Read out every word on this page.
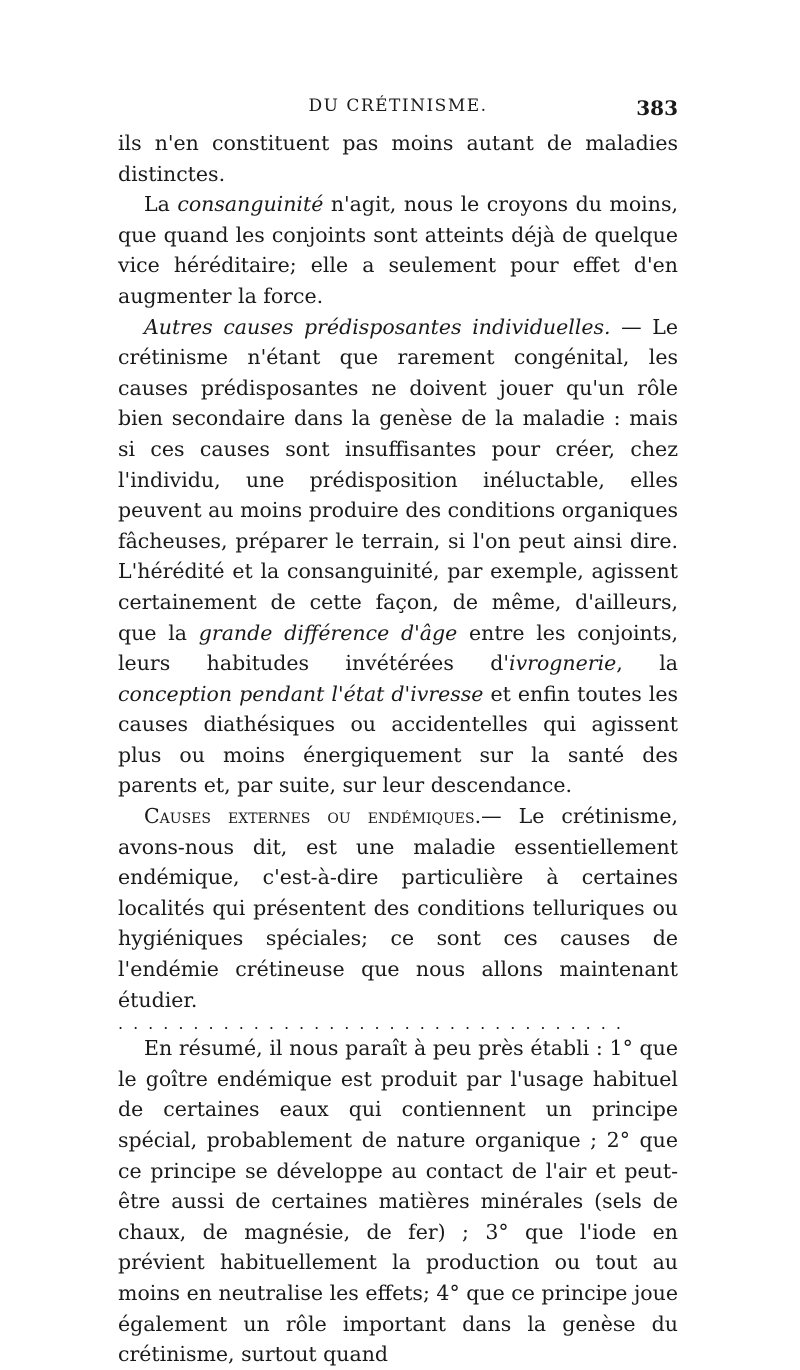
DU CRÉTINISME.	383

ils n'en constituent pas moins autant de maladies distinctes.

La consanguinité n'agit, nous le croyons du moins, que quand les conjoints sont atteints déjà de quelque vice héréditaire; elle a seulement pour effet d'en augmenter la force.

Autres causes prédisposantes individuelles. — Le crétinisme n'étant que rarement congénital, les causes prédisposantes ne doivent jouer qu'un rôle bien secondaire dans la genèse de la maladie : mais si ces causes sont insuffisantes pour créer, chez l'individu, une prédisposition inéluctable, elles peuvent au moins produire des conditions organiques fâcheuses, préparer le terrain, si l'on peut ainsi dire. L'hérédité et la consanguinité, par exemple, agissent certainement de cette façon, de même, d'ailleurs, que la grande différence d'âge entre les conjoints, leurs habitudes invétérées d'ivrognerie, la conception pendant l'état d'ivresse et enfin toutes les causes diathésiques ou accidentelles qui agissent plus ou moins énergiquement sur la santé des parents et, par suite, sur leur descendance.

Causes externes ou endémiques.— Le crétinisme, avons-nous dit, est une maladie essentiellement endémique, c'est-à-dire particulière à certaines localités qui présentent des conditions telluriques ou hygiéniques spéciales; ce sont ces causes de l'endémie crétineuse que nous allons maintenant étudier.

..................................

En résumé, il nous paraît à peu près établi : 1° que le goître endémique est produit par l'usage habituel de certaines eaux qui contiennent un principe spécial, probablement de nature organique ; 2° que ce principe se développe au contact de l'air et peut-être aussi de certaines matières minérales (sels de chaux, de magnésie, de fer) ; 3° que l'iode en prévient habituellement la production ou tout au moins en neutralise les effets; 4° que ce principe joue également un rôle important dans la genèse du crétinisme, surtout quand
